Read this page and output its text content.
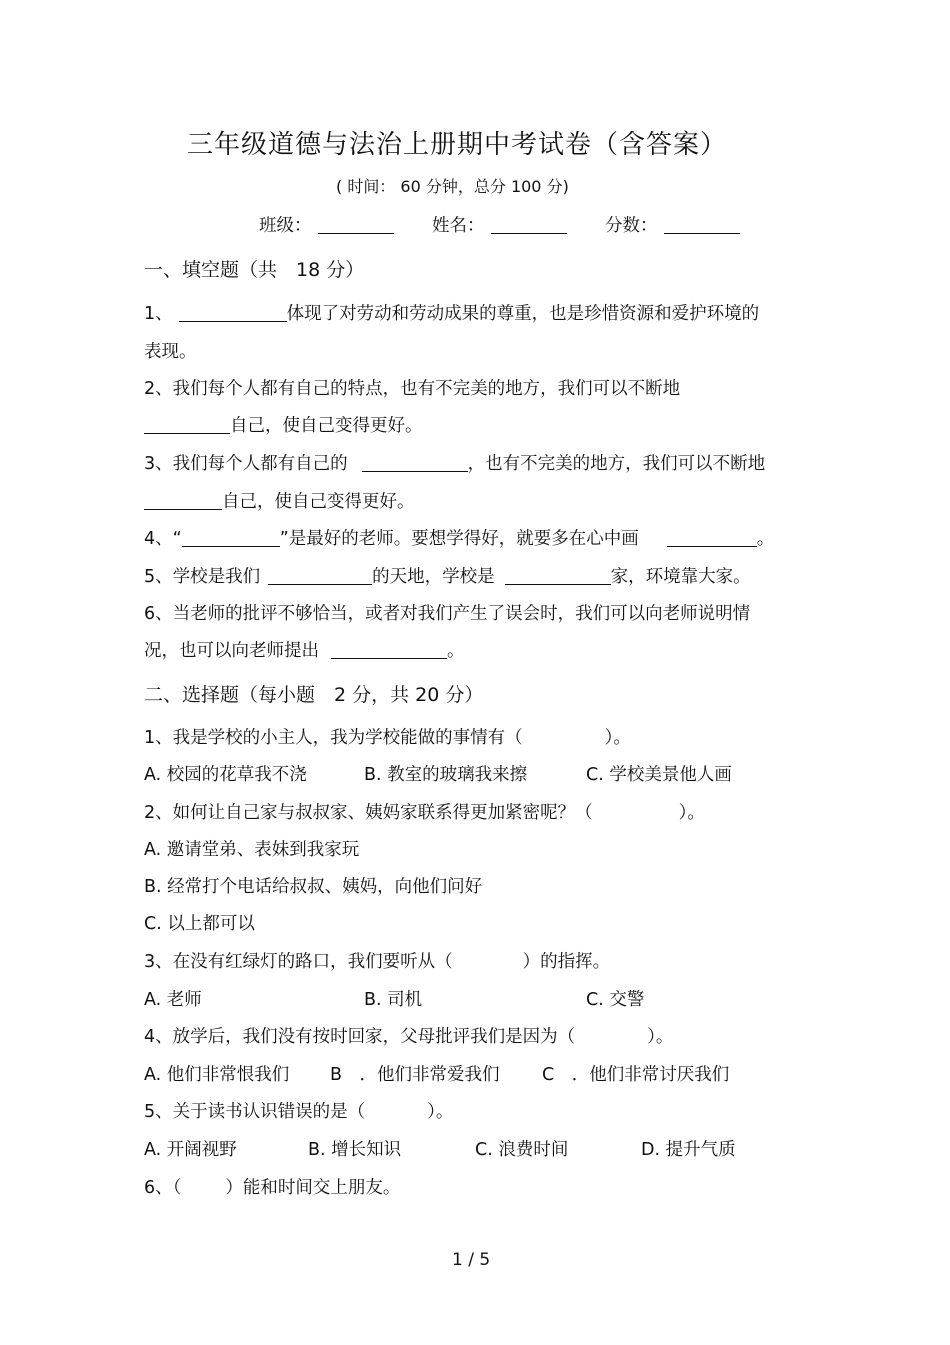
三年级道德与法治上册期中考试卷（含答案）
( 时间： 60 分钟，总分 100 分)
班级：	姓名：	分数：
一、填空题（共　18 分）
1、	体现了对劳动和劳动成果的尊重，也是珍惜资源和爱护环境的
表现。
2、我们每个人都有自己的特点，也有不完美的地方，我们可以不断地
自己，使自己变得更好。
3、我们每个人都有自己的	，也有不完美的地方，我们可以不断地
自己，使自己变得更好。
4、“	”是最好的老师。要想学得好，就要多在心中画	。
5、学校是我们	的天地，学校是	家，环境靠大家。
6、当老师的批评不够恰当，或者对我们产生了误会时，我们可以向老师说明情
况，也可以向老师提出	。
二、选择题（每小题　2 分，共 20 分）
1、我是学校的小主人，我为学校能做的事情有（	）。
A. 校园的花草我不浇	B. 教室的玻璃我来擦	C. 学校美景他人画
2、如何让自己家与叔叔家、姨妈家联系得更加紧密呢？（	）。
A. 邀请堂弟、表妹到我家玩
B. 经常打个电话给叔叔、姨妈，向他们问好
C. 以上都可以
3、在没有红绿灯的路口，我们要听从（	）的指挥。
A. 老师	B. 司机	C. 交警
4、放学后，我们没有按时回家，父母批评我们是因为（	）。
A. 他们非常恨我们 B　．他们非常爱我们 C　．他们非常讨厌我们
5、关于读书认识错误的是（	）。
A. 开阔视野	B. 增长知识	C. 浪费时间	D. 提升气质
6、（	）能和时间交上朋友。
1 / 5
